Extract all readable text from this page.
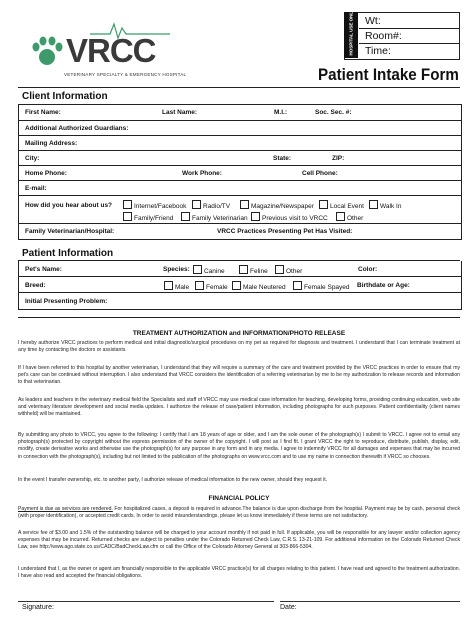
VRCC
VETERINARY SPECIALTY & EMERGENCY HOSPITAL
Wt:
Room#:
Time:
HOSPITAL USE ONLY
Patient Intake Form
Client Information
First Name:	Last Name:	M.I.:	Soc. Sec. #:
Additional Authorized Guardians:
Mailing Address:
City:	State:	ZIP:
Home Phone:	Work Phone:	Cell Phone:
E-mail:
How did you hear about us?	Internet/Facebook	Radio/TV	Magazine/Newspaper	Local Event	Walk In
Family/Friend	Family Veterinarian	Previous visit to VRCC	Other
Family Veterinarian/Hospital:	VRCC Practices Presenting Pet Has Visited:
Patient Information
Pet's Name:	Species:	Canine	Feline	Other	Color:
Breed:	Male	Female	Male Neutered	Female Spayed Birthdate or Age:
Initial Presenting Problem:
TREATMENT AUTHORIZATION and INFORMATION/PHOTO RELEASE
I hereby authorize VRCC practices to perform medical and initial diagnostic/surgical procedures on my pet as required for diagnosis and treatment. I understand that I can terminate treatment at any time by contacting the doctors or assistants.
If I have been referred to this hospital by another veterinarian, I understand that they will require a summary of the care and treatment provided by the VRCC practices in order to ensure that my pet's care can be continued without interruption. I also understand that VRCC considers the identification of a referring veterinarian by me to be my authorization to release records and information to that veterinarian.
As leaders and teachers in the veterinary medical field the Specialists and staff of VRCC may use medical case information for teaching, developing forms, providing continuing education, web site and veterinary literature development and social media updates. I authorize the release of case/patient information, including photographs for such purposes. Patient confidentiality (client names withheld) will be maintained.
By submitting any photo to VRCC, you agree to the following: I certify that I am 18 years of age or older, and I am the sole owner of the photograph(s) I submit to VRCC. I agree not to email any photograph(s) protected by copyright without the express permission of the owner of the copyright. I will post as I find fit. I grant VRCC the right to reproduce, distribute, publish, display, edit, modify, create derivative works and otherwise use the photograph(s) for any purpose in any form and in any media. I agree to indemnify VRCC for all damages and expenses that may be incurred in connection with the photograph(s), including but not limited to the publication of the photographs on www.vrcc.com and to use my name in connection therewith if VRCC so chooses.
In the event I transfer ownership, etc. to another party, I authorize release of medical information to the new owner, should they request it.
FINANCIAL POLICY
Payment is due as services are rendered. For hospitalized cases, a deposit is required in advance.The balance is due upon discharge from the hospital. Payment may be by cash, personal check (with proper identification), or accepted credit cards. In order to avoid misunderstandings, please let us know immediately if these terms are not satisfactory.
A service fee of $3.00 and 1.5% of the outstanding balance will be charged to your account monthly if not paid in full. If applicable, you will be responsible for any lawyer and/or collection agency expenses that may be incurred. Returned checks are subject to penalties under the Colorado Returned Check Law, C.R.S. 13-21-109. For additional information on the Colorado Returned Check Law, see http://www.ago.state.co.us/CADC/BadCheckLaw.cfm or call the Office of the Colorado Attorney General at 303-866-5304.
I understand that I, as the owner or agent am financially responsible to the applicable VRCC practice(s) for all charges relating to this patient. I have read and agreed to the treatment authorization. I have also read and accepted the financial obligations.
Signature:	Date:
